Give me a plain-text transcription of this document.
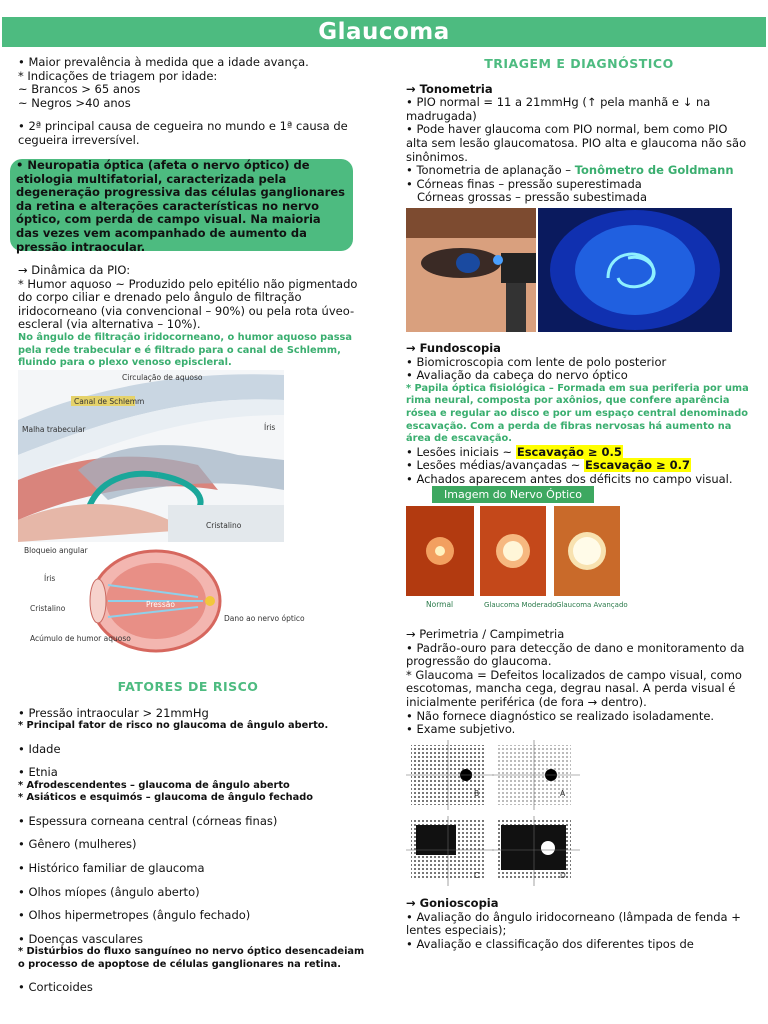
Glaucoma

• Maior prevalência à medida que a idade avança.

* Indicações de triagem por idade:

~ Brancos > 65 anos

~ Negros >40 anos

• 2ª principal causa de cegueira no mundo e 1ª causa de cegueira irreversível.

• Neuropatia óptica (afeta o nervo óptico) de etiologia multifatorial, caracterizada pela degeneração progressiva das células ganglionares da retina e alterações características no nervo óptico, com perda de campo visual. Na maioria das vezes vem acompanhado de aumento da pressão intraocular.

→ Dinâmica da PIO:

* Humor aquoso ~ Produzido pelo epitélio não pigmentado do corpo ciliar e drenado pelo ângulo de filtração iridocorneano (via convencional – 90%) ou pela rota úveo-escleral (via alternativa – 10%).

No ângulo de filtração iridocorneano, o humor aquoso passa pela rede trabecular e é filtrado para o canal de Schlemm, fluindo para o plexo venoso episcleral.

Circulação de aquoso
Canal de Schlemm
Malha trabecular	Íris
Cristalino
Bloqueio angular
Íris
Cristalino
Acúmulo de humor aquoso
Pressão
Dano ao nervo óptico

FATORES DE RISCO

• Pressão intraocular > 21mmHg

* Principal fator de risco no glaucoma de ângulo aberto.

• Idade

• Etnia

* Afrodescendentes – glaucoma de ângulo aberto

* Asiáticos e esquimós – glaucoma de ângulo fechado

• Espessura corneana central (córneas finas)

• Gênero (mulheres)

• Histórico familiar de glaucoma

• Olhos míopes (ângulo aberto)

• Olhos hipermetropes (ângulo fechado)

• Doenças vasculares

* Distúrbios do fluxo sanguíneo no nervo óptico desencadeiam o processo de apoptose de células ganglionares na retina.

• Corticoides

TRIAGEM E DIAGNÓSTICO

→ Tonometria

• PIO normal = 11 a 21mmHg (↑ pela manhã e ↓ na madrugada)

• Pode haver glaucoma com PIO normal, bem como PIO alta sem lesão glaucomatosa. PIO alta e glaucoma não são sinônimos.

• Tonometria de aplanação – Tonômetro de Goldmann

• Córneas finas – pressão superestimada

Córneas grossas – pressão subestimada

→ Fundoscopia

• Biomicroscopia com lente de polo posterior

• Avaliação da cabeça do nervo óptico

* Papila óptica fisiológica – Formada em sua periferia por uma rima neural, composta por axônios, que confere aparência rósea e regular ao disco e por um espaço central denominado escavação. Com a perda de fibras nervosas há aumento na área de escavação.

• Lesões iniciais ~ Escavação ≥ 0.5

• Lesões médias/avançadas ~ Escavação ≥ 0.7

• Achados aparecem antes dos déficits no campo visual.

Imagem do Nervo Óptico
Normal	Glaucoma Moderado Glaucoma Avançado

→ Perimetria / Campimetria

• Padrão-ouro para detecção de dano e monitoramento da progressão do glaucoma.

* Glaucoma = Defeitos localizados de campo visual, como escotomas, mancha cega, degrau nasal. A perda visual é inicialmente periférica (de fora → dentro).

• Não fornece diagnóstico se realizado isoladamente.

• Exame subjetivo.

B	A
C	D

→ Gonioscopia

• Avaliação do ângulo iridocorneano (lâmpada de fenda + lentes especiais);

• Avaliação e classificação dos diferentes tipos de
